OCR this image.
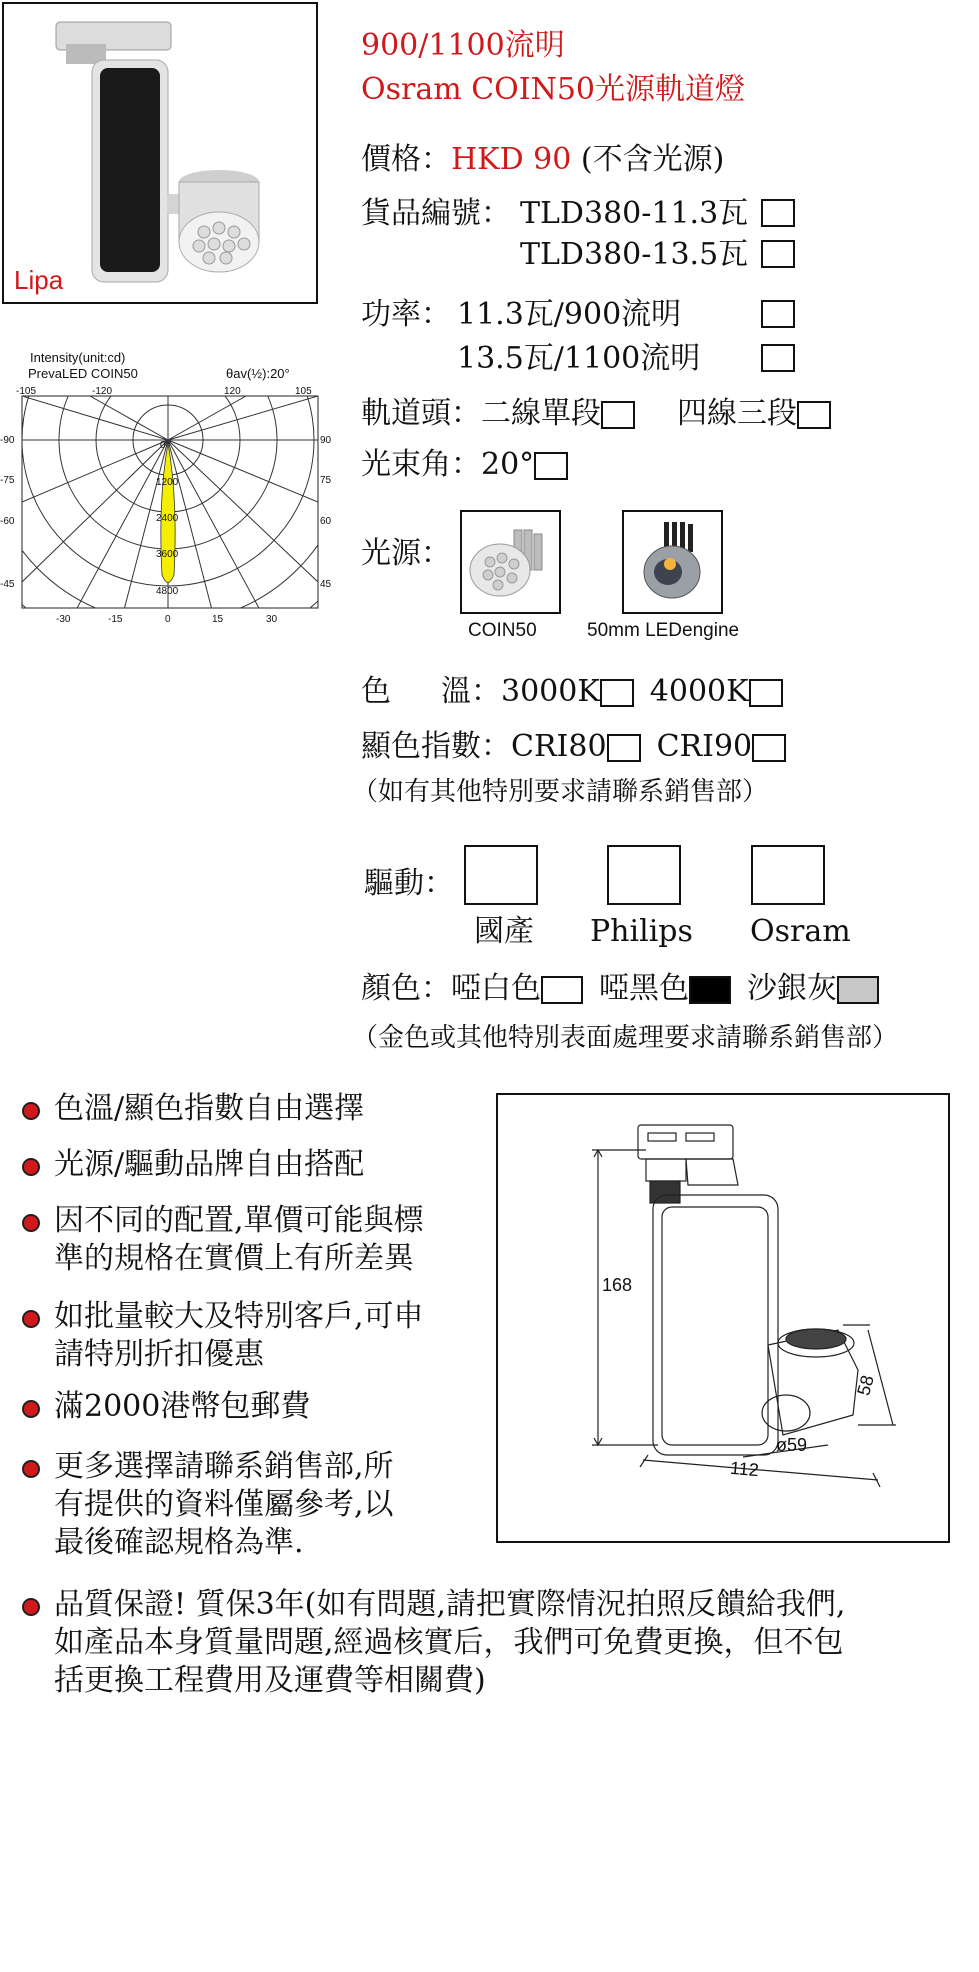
Lipa
900/1100流明
Osram COIN50光源軌道燈
價格：HKD 90 (不含光源)
貨品編號： TLD380-11.3瓦
TLD380-13.5瓦
功率： 11.3瓦/900流明
13.5瓦/1100流明
軌道頭：二線單段	四線三段
光束角：20°
光源：
COIN50	50mm LEDengine
色 溫：3000K 4000K
顯色指數：CRI80 CRI90
（如有其他特別要求請聯系銷售部）
驅動：
國產 Philips Osram
顏色：啞白色 啞黑色 沙銀灰
（金色或其他特別表面處理要求請聯系銷售部）
Intensity(unit:cd)
PrevaLED COIN50	θav(½):20°
-105	-120	120	105
-90
-75
-60
-45
90
75
60
45
-30	-15	0	15	30
0
1200
2400
3600
4800
色溫/顯色指數自由選擇
光源/驅動品牌自由搭配
因不同的配置,單價可能與標
準的規格在實價上有所差異
如批量較大及特別客戶,可申
請特別折扣優惠
滿2000港幣包郵費
更多選擇請聯系銷售部,所
有提供的資料僅屬參考,以
最後確認規格為準.
品質保證! 質保3年(如有問題,請把實際情況拍照反饋給我們,
如產品本身質量問題,經過核實后，我們可免費更換，但不包
括更換工程費用及運費等相關費)
168
58
ø59
112
